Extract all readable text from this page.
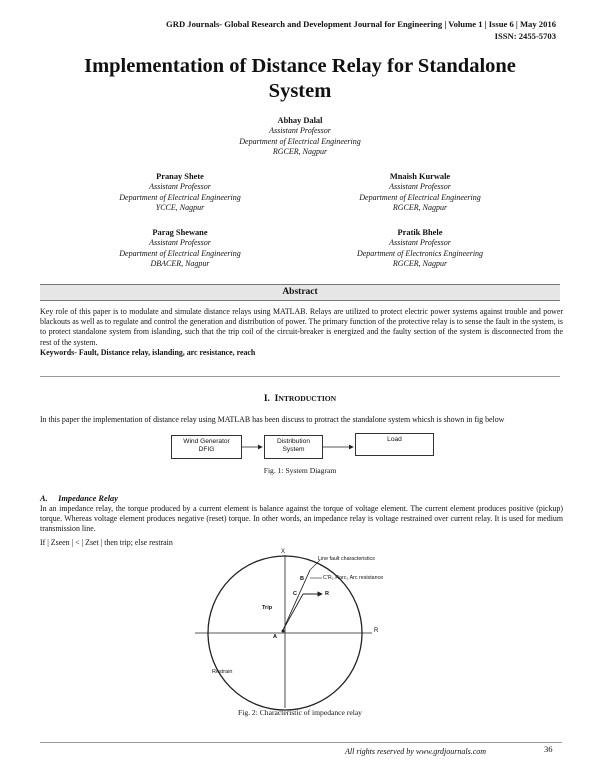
GRD Journals- Global Research and Development Journal for Engineering | Volume 1 | Issue 6 | May 2016
ISSN: 2455-5703
Implementation of Distance Relay for Standalone
System
Abhay Dalal
Assistant Professor
Department of Electrical Engineering
RGCER, Nagpur
Pranay Shete
Assistant Professor
Department of Electrical Engineering
YCCE, Nagpur
Mnaish Kurwale
Assistant Professor
Department of Electrical Engineering
RGCER, Nagpur
Parag Shewane
Assistant Professor
Department of Electrical Engineering
DBACER, Nagpur
Pratik Bhele
Assistant Professor
Department of Electronics Engineering
RGCER, Nagpur
Abstract
Key role of this paper is to modulate and simulate distance relays using MATLAB. Relays are utilized to protect electric power systems against trouble and power blackouts as well as to regulate and control the generation and distribution of power. The primary function of the protective relay is to sense the fault in the system, is to protect standalone system from islanding, such that the trip coil of the circuit-breaker is energized and the faulty section of the system is disconnected from the rest of the system.
Keywords- Fault, Distance relay, islanding, arc resistance, reach
I. INTRODUCTION
In this paper the implementation of distance relay using MATLAB has been discuss to protract the standalone system whicsh is shown in fig below
Wind Generator
DFIG
Distribution
System
Load
Fig. 1: System Diagram
A. Impedance Relay
In an impedance relay, the torque produced by a current element is balance against the torque of voltage element. The current element produces positive (pickup) torque. Whereas voltage element produces negative (reset) torque. In other words, an impedance relay is voltage restrained over current relay. It is used for medium transmission line.
If | Zseen | < | Zset | then trip; else restrain
X
R
Line fault characteristics
C'R₂ Rarc₂ Arc resistance
B
C	R
A
Trip
Restrain
Fig. 2: Characteristic of impedance relay
All rights reserved by www.grdjournals.com	36
